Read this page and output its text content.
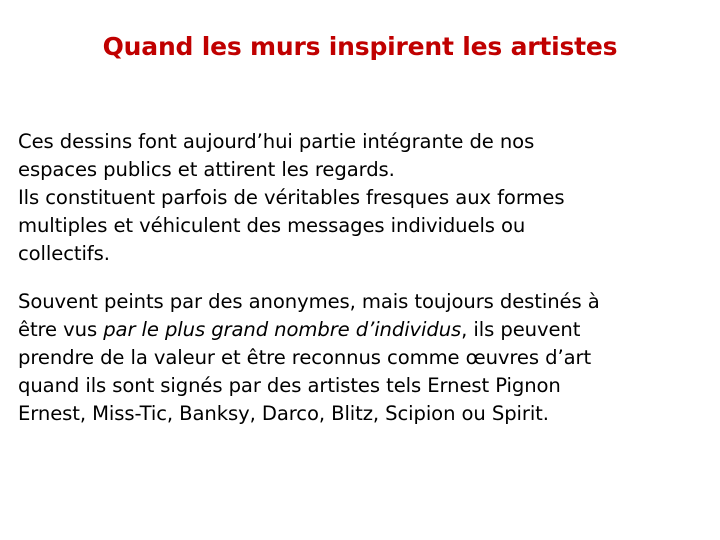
Quand les murs inspirent les artistes

Ces dessins font aujourd’hui partie intégrante de nos
espaces publics et attirent les regards.
Ils constituent parfois de véritables fresques aux formes
multiples et véhiculent des messages individuels ou
collectifs.

Souvent peints par des anonymes, mais toujours destinés à
être vus par le plus grand nombre d’individus, ils peuvent
prendre de la valeur et être reconnus comme œuvres d’art
quand ils sont signés par des artistes tels Ernest Pignon
Ernest, Miss-Tic, Banksy, Darco, Blitz, Scipion ou Spirit.
